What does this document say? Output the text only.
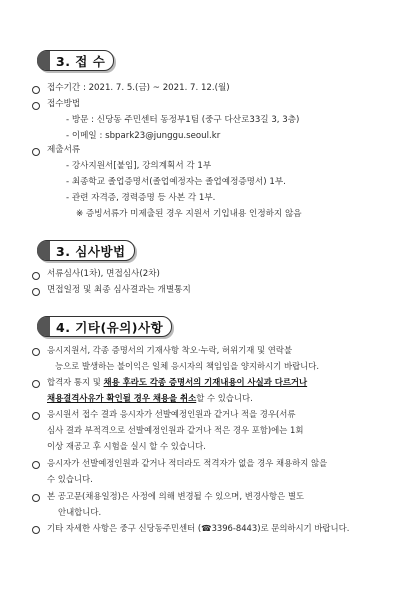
3. 접 수
접수기간 : 2021. 7. 5.(금) ~ 2021. 7. 12.(월)
접수방법
- 방문 : 신당동 주민센터 동정부1팀 (중구 다산로33길 3, 3층)
- 이메일 : sbpark23@junggu.seoul.kr
제출서류
- 강사지원서[붙임], 강의계획서 각 1부
- 최종학교 졸업증명서(졸업예정자는 졸업예정증명서) 1부.
- 관련 자격증, 경력증명 등 사본 각 1부.
※ 증빙서류가 미제출된 경우 지원서 기입내용 인정하지 않음
3. 심사방법
서류심사(1차), 면접심사(2차)
면접일정 및 최종 심사결과는 개별통지
4. 기타(유의)사항
응시지원서, 각종 증명서의 기재사항 착오·누락, 허위기재 및 연락불
능으로 발생하는 불이익은 일체 응시자의 책임임을 양지하시기 바랍니다.
합격자 통지 및 채용 후라도 각종 증명서의 기재내용이 사실과 다르거나
채용결격사유가 확인될 경우 채용을 취소할 수 있습니다.
응시원서 접수 결과 응시자가 선발예정인원과 같거나 적을 경우(서류
심사 결과 부적격으로 선발예정인원과 같거나 적은 경우 포함)에는 1회
이상 재공고 후 시험을 실시 할 수 있습니다.
응시자가 선발예정인원과 같거나 적더라도 적격자가 없을 경우 채용하지 않을
수 있습니다.
본 공고문(채용일정)은 사정에 의해 변경될 수 있으며, 변경사항은 별도
안내합니다.
기타 자세한 사항은 중구 신당동주민센터 (☎3396-8443)로 문의하시기 바랍니다.
